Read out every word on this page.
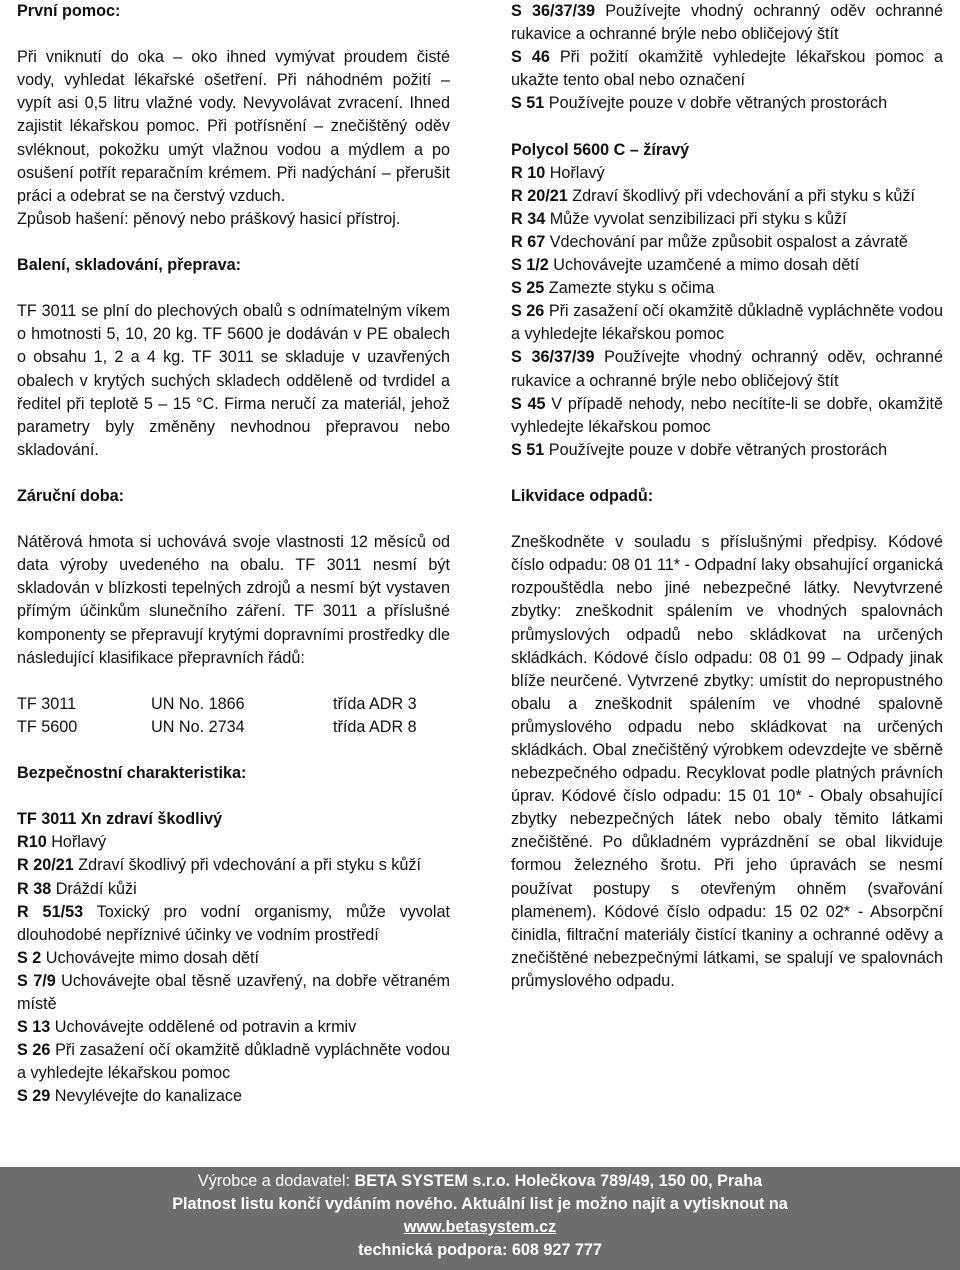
První pomoc:

Při vniknutí do oka – oko ihned vymývat proudem čisté vody, vyhledat lékařské ošetření. Při náhodném požití – vypít asi 0,5 litru vlažné vody. Nevyvolávat zvracení. Ihned zajistit lékařskou pomoc. Při potřísnění – znečištěný oděv svléknout, pokožku umýt vlažnou vodou a mýdlem a po osušení potřít reparačním krémem. Při nadýchání – přerušit práci a odebrat se na čerstvý vzduch.

Způsob hašení: pěnový nebo práškový hasicí přístroj.

Balení, skladování, přeprava:

TF 3011 se plní do plechových obalů s odnímatelným víkem o hmotnosti 5, 10, 20 kg. TF 5600 je dodáván v PE obalech o obsahu 1, 2 a 4 kg. TF 3011 se skladuje v uzavřených obalech v krytých suchých skladech odděleně od tvrdidel a ředitel při teplotě 5 – 15 °C. Firma neručí za materiál, jehož parametry byly změněny nevhodnou přepravou nebo skladování.

Záruční doba:

Nátěrová hmota si uchovává svoje vlastnosti 12 měsíců od data výroby uvedeného na obalu. TF 3011 nesmí být skladován v blízkosti tepelných zdrojů a nesmí být vystaven přímým účinkům slunečního záření. TF 3011 a příslušné komponenty se přepravují krytými dopravními prostředky dle následující klasifikace přepravních řádů:

TF 3011	UN No. 1866	třída ADR 3
TF 5600	UN No. 2734	třída ADR 8

Bezpečnostní charakteristika:

TF 3011 Xn zdraví škodlivý

R10 Hořlavý

R 20/21 Zdraví škodlivý při vdechování a při styku s kůží

R 38 Dráždí kůži

R 51/53 Toxický pro vodní organismy, může vyvolat dlouhodobé nepříznivé účinky ve vodním prostředí

S 2 Uchovávejte mimo dosah dětí

S 7/9 Uchovávejte obal těsně uzavřený, na dobře větraném místě

S 13 Uchovávejte oddělené od potravin a krmiv

S 26 Při zasažení očí okamžitě důkladně vypláchněte vodou a vyhledejte lékařskou pomoc

S 29 Nevylévejte do kanalizace

S 36/37/39 Používejte vhodný ochranný oděv ochranné rukavice a ochranné brýle nebo obličejový štít

S 46 Při požití okamžitě vyhledejte lékařskou pomoc a ukažte tento obal nebo označení

S 51 Používejte pouze v dobře větraných prostorách

Polycol 5600 C – žíravý

R 10 Hořlavý

R 20/21 Zdraví škodlivý při vdechování a při styku s kůží

R 34 Může vyvolat senzibilizaci při styku s kůží

R 67 Vdechování par může způsobit ospalost a závratě

S 1/2 Uchovávejte uzamčené a mimo dosah dětí

S 25 Zamezte styku s očima

S 26 Při zasažení očí okamžitě důkladně vypláchněte vodou a vyhledejte lékařskou pomoc

S 36/37/39 Používejte vhodný ochranný oděv, ochranné rukavice a ochranné brýle nebo obličejový štít

S 45 V případě nehody, nebo necítíte-li se dobře, okamžitě vyhledejte lékařskou pomoc

S 51 Používejte pouze v dobře větraných prostorách

Likvidace odpadů:

Zneškodněte v souladu s příslušnými předpisy. Kódové číslo odpadu: 08 01 11* - Odpadní laky obsahující organická rozpouštědla nebo jiné nebezpečné látky. Nevytvrzené zbytky: zneškodnit spálením ve vhodných spalovnách průmyslových odpadů nebo skládkovat na určených skládkách. Kódové číslo odpadu: 08 01 99 – Odpady jinak blíže neurčené. Vytvrzené zbytky: umístit do nepropustného obalu a zneškodnit spálením ve vhodné spalovně průmyslového odpadu nebo skládkovat na určených skládkách. Obal znečištěný výrobkem odevzdejte ve sběrně nebezpečného odpadu. Recyklovat podle platných právních úprav. Kódové číslo odpadu: 15 01 10* - Obaly obsahující zbytky nebezpečných látek nebo obaly těmito látkami znečištěné. Po důkladném vyprázdnění se obal likviduje formou železného šrotu. Při jeho úpravách se nesmí používat postupy s otevřeným ohněm (svařování plamenem). Kódové číslo odpadu: 15 02 02* - Absorpční činidla, filtrační materiály čistící tkaniny a ochranné oděvy a znečištěné nebezpečnými látkami, se spalují ve spalovnách průmyslového odpadu.

Výrobce a dodavatel: BETA SYSTEM s.r.o. Holečkova 789/49, 150 00, Praha
Platnost listu končí vydáním nového. Aktuální list je možno najít a vytisknout na
www.betasystem.cz
technická podpora: 608 927 777
